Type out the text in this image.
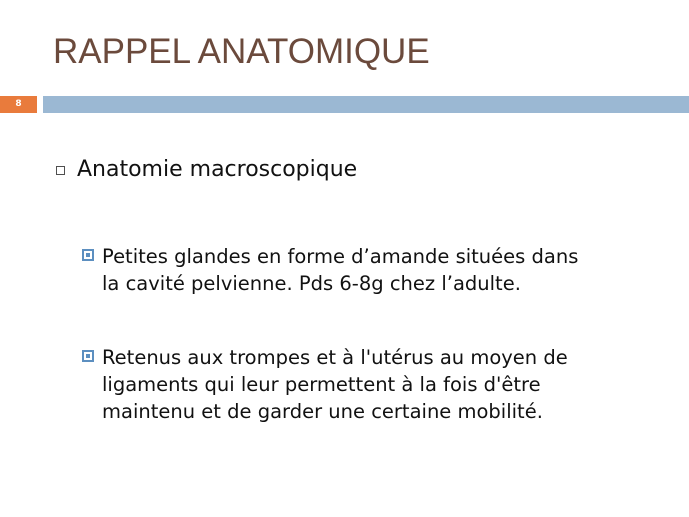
RAPPEL ANATOMIQUE
8
Anatomie macroscopique
Petites glandes en forme d’amande situées dans
la cavité pelvienne. Pds 6-8g chez l’adulte.
Retenus aux trompes et à l'utérus au moyen de
ligaments qui leur permettent à la fois d'être
maintenu et de garder une certaine mobilité.
